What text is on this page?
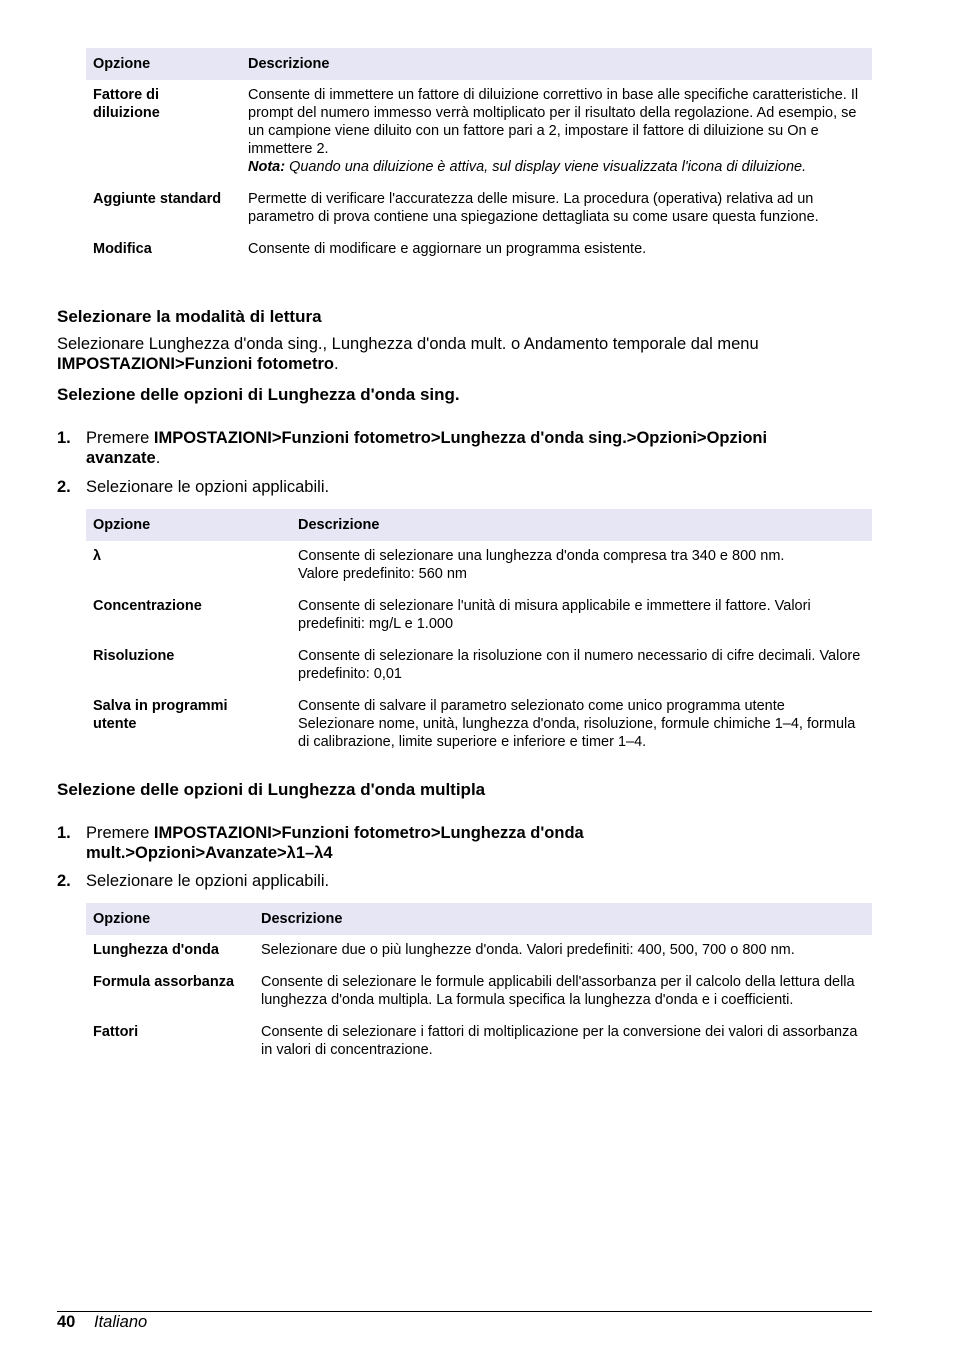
Opzione	Descrizione
Fattore di
diluizione	Consente di immettere un fattore di diluizione correttivo in base alle specifiche caratteristiche. Il prompt del numero immesso verrà moltiplicato per il risultato della regolazione. Ad esempio, se un campione viene diluito con un fattore pari a 2, impostare il fattore di diluizione su On e immettere 2.
Nota: Quando una diluizione è attiva, sul display viene visualizzata l'icona di diluizione.
Aggiunte standard	Permette di verificare l'accuratezza delle misure. La procedura (operativa) relativa ad un parametro di prova contiene una spiegazione dettagliata su come usare questa funzione.
Modifica	Consente di modificare e aggiornare un programma esistente.
Selezionare la modalità di lettura

Selezionare Lunghezza d'onda sing., Lunghezza d'onda mult. o Andamento temporale dal menu
IMPOSTAZIONI>Funzioni fotometro.

Selezione delle opzioni di Lunghezza d'onda sing.
1. Premere IMPOSTAZIONI>Funzioni fotometro>Lunghezza d'onda sing.>Opzioni>Opzioni
avanzate.
2. Selezionare le opzioni applicabili.
Opzione	Descrizione
λ	Consente di selezionare una lunghezza d'onda compresa tra 340 e 800 nm.
Valore predefinito: 560 nm
Concentrazione	Consente di selezionare l'unità di misura applicabile e immettere il fattore. Valori predefiniti: mg/L e 1.000
Risoluzione	Consente di selezionare la risoluzione con il numero necessario di cifre decimali. Valore predefinito: 0,01
Salva in programmi
utente	Consente di salvare il parametro selezionato come unico programma utente
Selezionare nome, unità, lunghezza d'onda, risoluzione, formule chimiche 1–4, formula di calibrazione, limite superiore e inferiore e timer 1–4.
Selezione delle opzioni di Lunghezza d'onda multipla
1. Premere IMPOSTAZIONI>Funzioni fotometro>Lunghezza d'onda
mult.>Opzioni>Avanzate>λ1–λ4
2. Selezionare le opzioni applicabili.
Opzione	Descrizione
Lunghezza d'onda	Selezionare due o più lunghezze d'onda. Valori predefiniti: 400, 500, 700 o 800 nm.
Formula assorbanza	Consente di selezionare le formule applicabili dell'assorbanza per il calcolo della lettura della lunghezza d'onda multipla. La formula specifica la lunghezza d'onda e i coefficienti.
Fattori	Consente di selezionare i fattori di moltiplicazione per la conversione dei valori di assorbanza in valori di concentrazione.
40 Italiano
